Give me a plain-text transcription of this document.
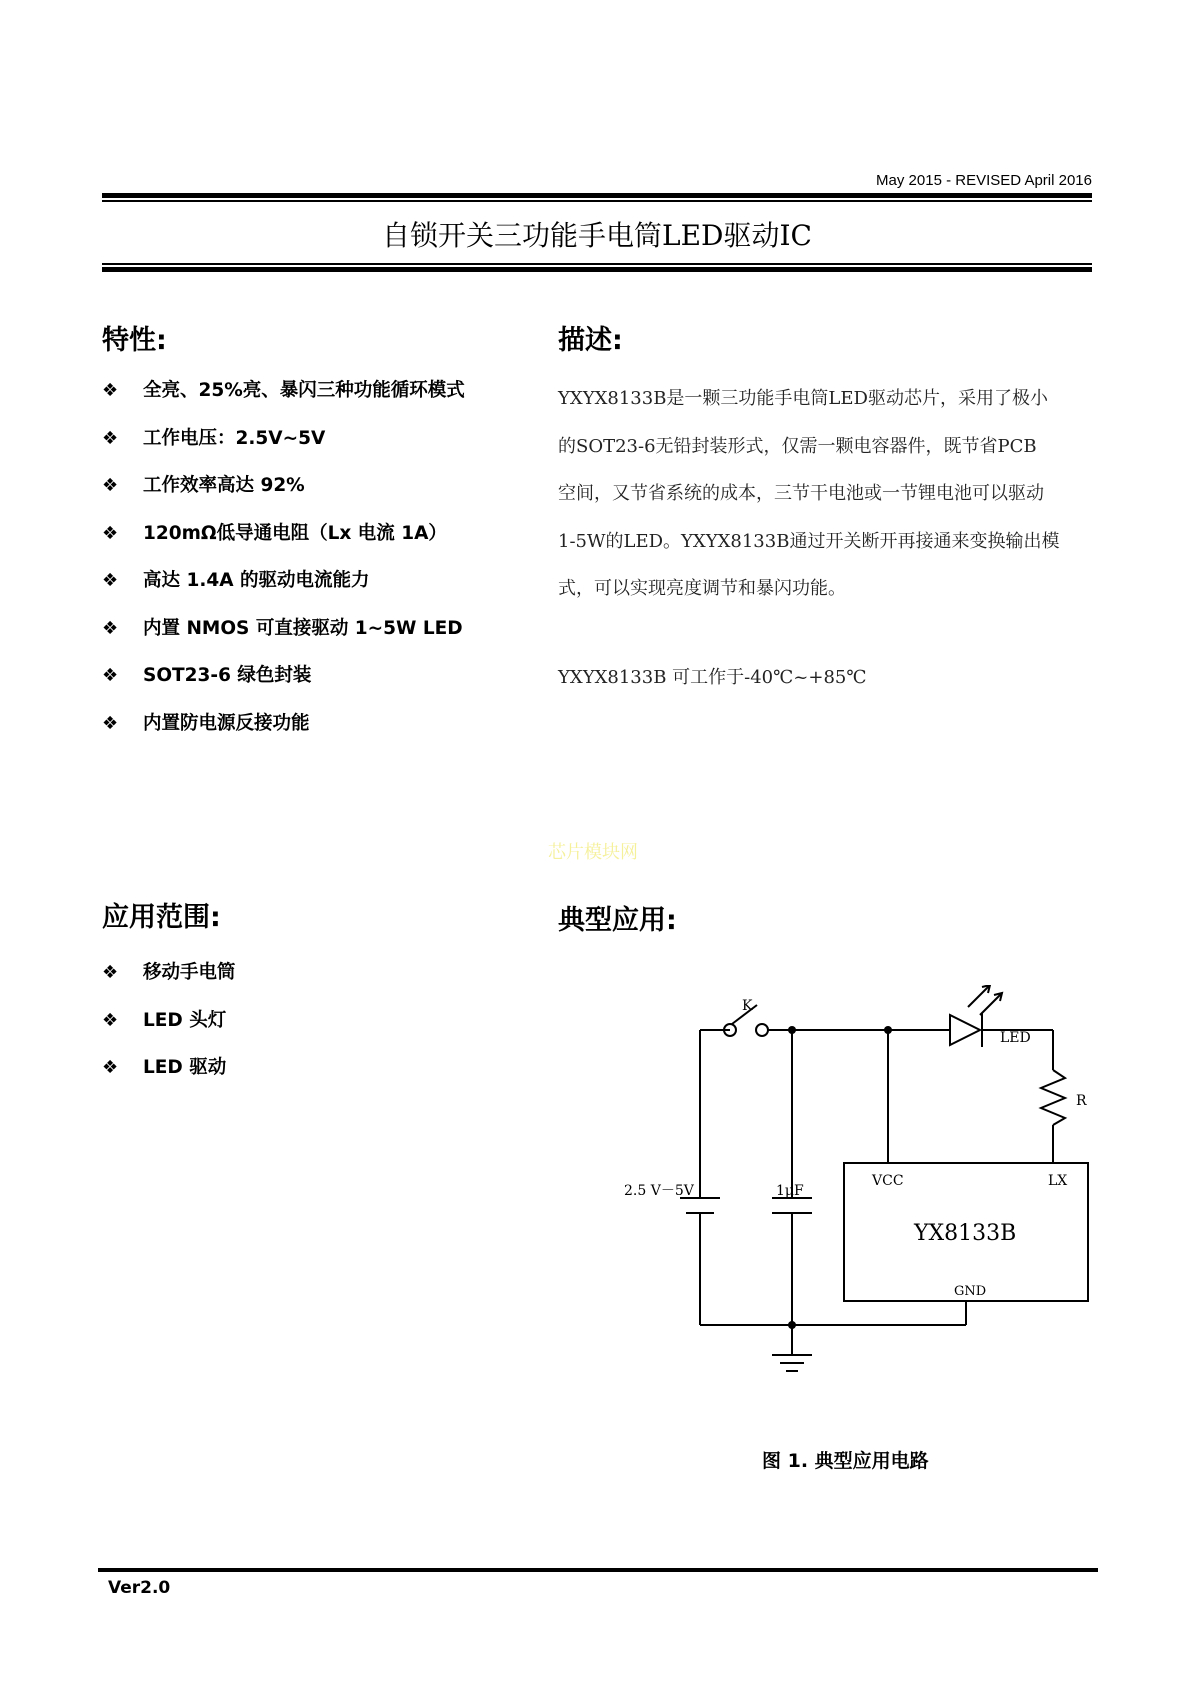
May 2015 - REVISED April 2016
自锁开关三功能手电筒LED驱动IC
特性:
❖ 全亮、25%亮、暴闪三种功能循环模式
❖ 工作电压：2.5V~5V
❖ 工作效率高达 92%
❖ 120mΩ低导通电阻（Lx 电流 1A）
❖ 高达 1.4A 的驱动电流能力
❖ 内置 NMOS 可直接驱动 1~5W LED
❖ SOT23-6 绿色封装
❖ 内置防电源反接功能
描述:
YXYX8133B是一颗三功能手电筒LED驱动芯片，采用了极小
的SOT23-6无铅封装形式，仅需一颗电容器件，既节省PCB
空间，又节省系统的成本，三节干电池或一节锂电池可以驱动
1-5W的LED。YXYX8133B通过开关断开再接通来变换输出模
式，可以实现亮度调节和暴闪功能。
YXYX8133B 可工作于-40℃~+85℃
芯片模块网
应用范围:
❖ 移动手电筒
❖ LED 头灯
❖ LED 驱动
典型应用:
K
LED
R
VCC	LX
GND
YX8133B
2.5 V－5V	1μF
图 1. 典型应用电路
Ver2.0
